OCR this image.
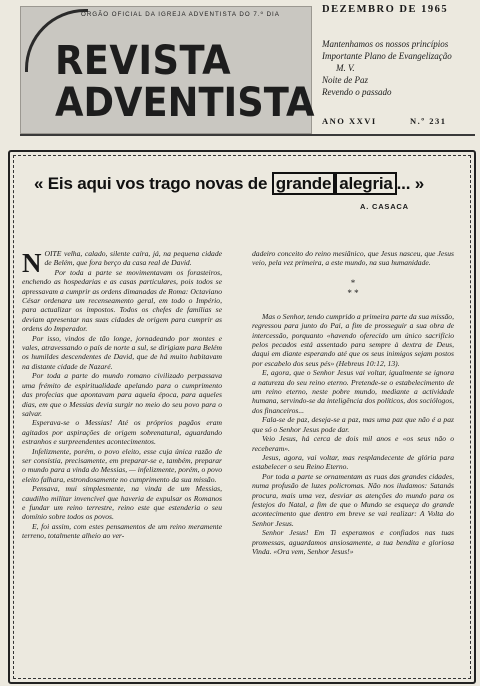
ÓRGÃO OFICIAL DA IGREJA ADVENTISTA DO 7.º DIA
REVISTA
ADVENTISTA
DEZEMBRO DE 1965
Mantenhamos os nossos princípios
Importante Plano de Evangelização
M. V.
Noite de Paz
Revendo o passado
ANO XXVI	N.º 231
« Eis aqui vos trago novas de grande alegria ... »
A. CASACA

NOITE velha, calado, silente caíra, já, na pequena cidade de Belém, que fora berço da casa real de David.

Por toda a parte se movimentavam os forasteiros, enchendo as hospedarias e as casas particulares, pois todos se apressavam a cumprir as ordens dimanadas de Roma: Octaviano César ordenara um recenseamento geral, em todo o Império, para actualizar os impostos. Todos os chefes de famílias se deviam apresentar nas suas cidades de origem para cumprir as ordens do Imperador.

Por isso, vindos de tão longe, jornadeando por montes e vales, atravessando o país de norte a sul, se dirigiam para Belém os humildes descendentes de David, que de há muito habitavam na distante cidade de Nazaré.

Por toda a parte do mundo romano civilizado perpassava uma frémito de espiritualidade apelando para o cumprimento das profecias que apontavam para aquela época, para aqueles dias, em que o Messias devia surgir no meio do seu povo para o salvar.

Esperava-se o Messias! Até os próprios pagãos eram agitados por aspirações de origem sobrenatural, aguardando estranhos e surpreendentes acontecimentos.

Infelizmente, porém, o povo eleito, esse cuja única razão de ser consistia, precisamente, em preparar-se e, também, preparar o mundo para a vinda do Messias, — infelizmente, porém, o povo eleito falhara, estrondosamente no cumprimento da sua missão.

Pensava, mui simplesmente, na vinda de um Messias, caudilho militar invencível que haveria de expulsar os Romanos e fundar um reino terrestre, reino este que estenderia o seu domínio sobre todos os povos.

E, foi assim, com estes pensamentos de um reino meramente terreno, totalmente alheio ao ver-

dadeiro conceito do reino mesiânico, que Jesus nasceu, que Jesus veio, pela vez primeira, a este mundo, na sua humanidade.

*
* *

Mas o Senhor, tendo cumprido a primeira parte da sua missão, regressou para junto do Pai, a fim de prosseguir a sua obra de intercessão, porquanto «havendo oferecido um único sacrifício pelos pecados está assentado para sempre à dextra de Deus, daqui em diante esperando até que os seus inimigos sejam postos por escabelo dos seus pés» (Hebreus 10:12, 13).

E, agora, que o Senhor Jesus vai voltar, igualmente se ignora a natureza do seu reino eterno. Pretende-se o estabelecimento de um reino eterno, neste pobre mundo, mediante a actividade humana, servindo-se da inteligência dos políticos, dos sociólogos, dos financeiros...

Fala-se de paz, deseja-se a paz, mas uma paz que não é a paz que só o Senhor Jesus pode dar.

Veio Jesus, há cerca de dois mil anos e «os seus não o receberam».

Jesus, agora, vai voltar, mas resplandecente de glória para estabelecer o seu Reino Eterno.

Por toda a parte se ornamentam as ruas das grandes cidades, numa profusão de luzes policromas. Não nos iludamos: Satanás procura, mais uma vez, desviar as atenções do mundo para os festejos do Natal, a fim de que o Mundo se esqueça do grande acontecimento que dentro em breve se vai realizar: A Volta do Senhor Jesus.

Senhor Jesus! Em Ti esperamos e confiados nas tuas promessas, aguardamos ansiosamente, a tua bendita e gloriosa Vinda. «Ora vem, Senhor Jesus!»
